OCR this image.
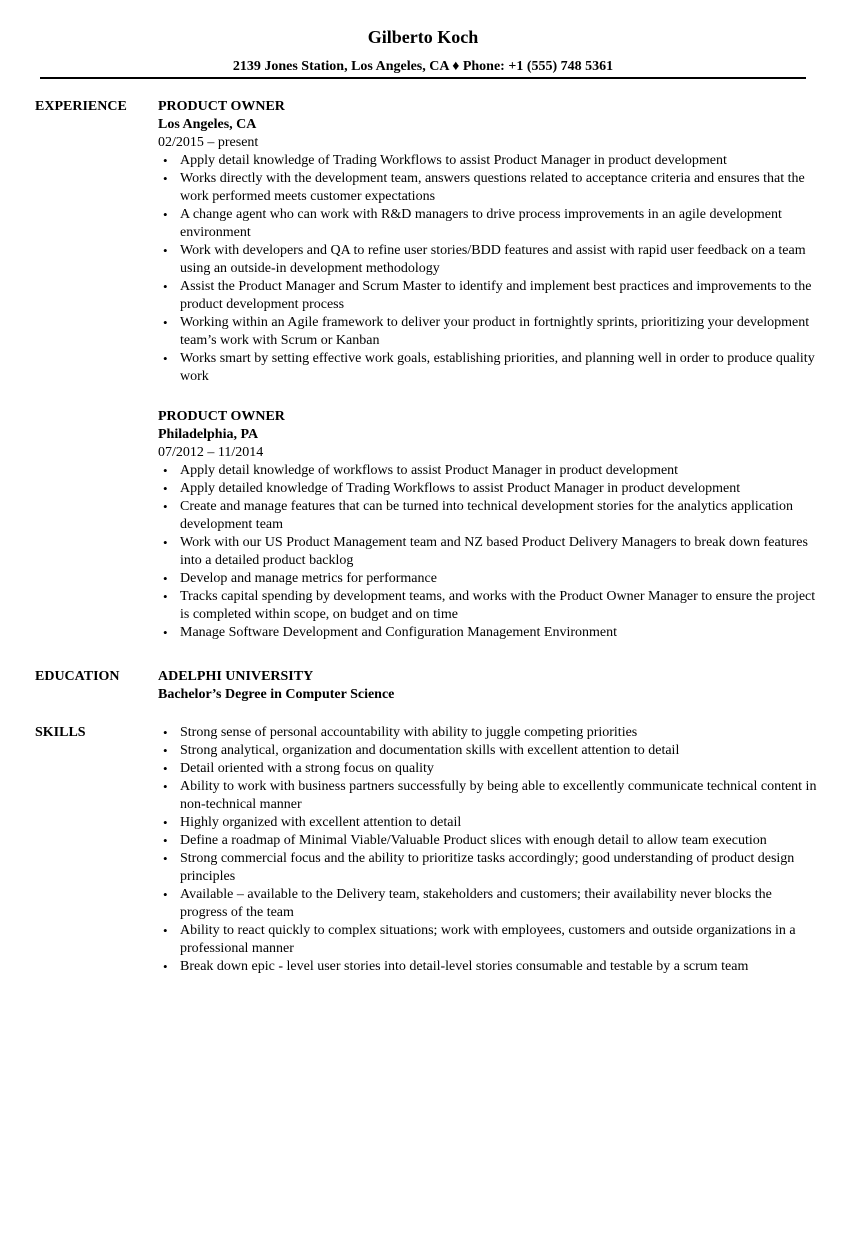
Gilberto Koch
2139 Jones Station, Los Angeles, CA ♦ Phone: +1 (555) 748 5361
EXPERIENCE PRODUCT OWNER
Los Angeles, CA
02/2015 – present
• Apply detail knowledge of Trading Workflows to assist Product Manager in product development
• Works directly with the development team, answers questions related to acceptance criteria and ensures that the work performed meets customer expectations
• A change agent who can work with R&D managers to drive process improvements in an agile development environment
• Work with developers and QA to refine user stories/BDD features and assist with rapid user feedback on a team using an outside-in development methodology
• Assist the Product Manager and Scrum Master to identify and implement best practices and improvements to the product development process
• Working within an Agile framework to deliver your product in fortnightly sprints, prioritizing your development team’s work with Scrum or Kanban
• Works smart by setting effective work goals, establishing priorities, and planning well in order to produce quality work
PRODUCT OWNER
Philadelphia, PA
07/2012 – 11/2014
• Apply detail knowledge of workflows to assist Product Manager in product development
• Apply detailed knowledge of Trading Workflows to assist Product Manager in product development
• Create and manage features that can be turned into technical development stories for the analytics application development team
• Work with our US Product Management team and NZ based Product Delivery Managers to break down features into a detailed product backlog
• Develop and manage metrics for performance
• Tracks capital spending by development teams, and works with the Product Owner Manager to ensure the project is completed within scope, on budget and on time
• Manage Software Development and Configuration Management Environment
EDUCATION	ADELPHI UNIVERSITY
Bachelor’s Degree in Computer Science
SKILLS
•	Strong sense of personal accountability with ability to juggle competing priorities
• Strong analytical, organization and documentation skills with excellent attention to detail
• Detail oriented with a strong focus on quality
• Ability to work with business partners successfully by being able to excellently communicate technical content in non-technical manner
• Highly organized with excellent attention to detail
• Define a roadmap of Minimal Viable/Valuable Product slices with enough detail to allow team execution
• Strong commercial focus and the ability to prioritize tasks accordingly; good understanding of product design principles
• Available – available to the Delivery team, stakeholders and customers; their availability never blocks the progress of the team
• Ability to react quickly to complex situations; work with employees, customers and outside organizations in a professional manner
• Break down epic - level user stories into detail-level stories consumable and testable by a scrum team
